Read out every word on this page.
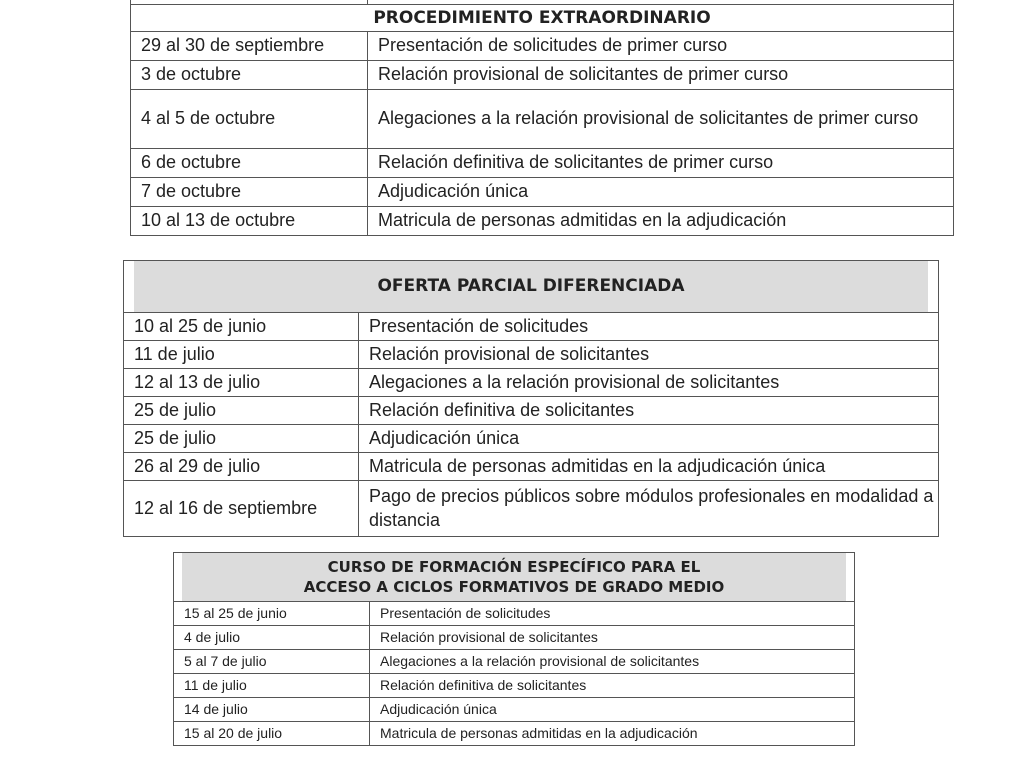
PROCEDIMIENTO EXTRAORDINARIO	
29 al 30 de septiembre	Presentación de solicitudes de primer curso
3 de octubre	Relación provisional de solicitantes de primer curso
4 al 5 de octubre	Alegaciones a la relación provisional de solicitantes de primer curso
6 de octubre	Relación definitiva de solicitantes de primer curso
7 de octubre	Adjudicación única
10 al 13 de octubre	Matricula de personas admitidas en la adjudicación
OFERTA PARCIAL DIFERENCIADA	

10 al 25 de junio	Presentación de solicitudes
11 de julio	Relación provisional de solicitantes
12 al 13 de julio	Alegaciones a la relación provisional de solicitantes
25 de julio	Relación definitiva de solicitantes
25 de julio	Adjudicación única
26 al 29 de julio	Matricula de personas admitidas en la adjudicación única
12 al 16 de septiembre	Pago de precios públicos sobre módulos profesionales en modalidad a distancia
CURSO DE FORMACIÓN ESPECÍFICO PARA EL
ACCESO A CICLOS FORMATIVOS DE GRADO MEDIO	

15 al 25 de junio	Presentación de solicitudes
4 de julio	Relación provisional de solicitantes
5 al 7 de julio	Alegaciones a la relación provisional de solicitantes
11 de julio	Relación definitiva de solicitantes
14 de julio	Adjudicación única
15 al 20 de julio	Matricula de personas admitidas en la adjudicación
